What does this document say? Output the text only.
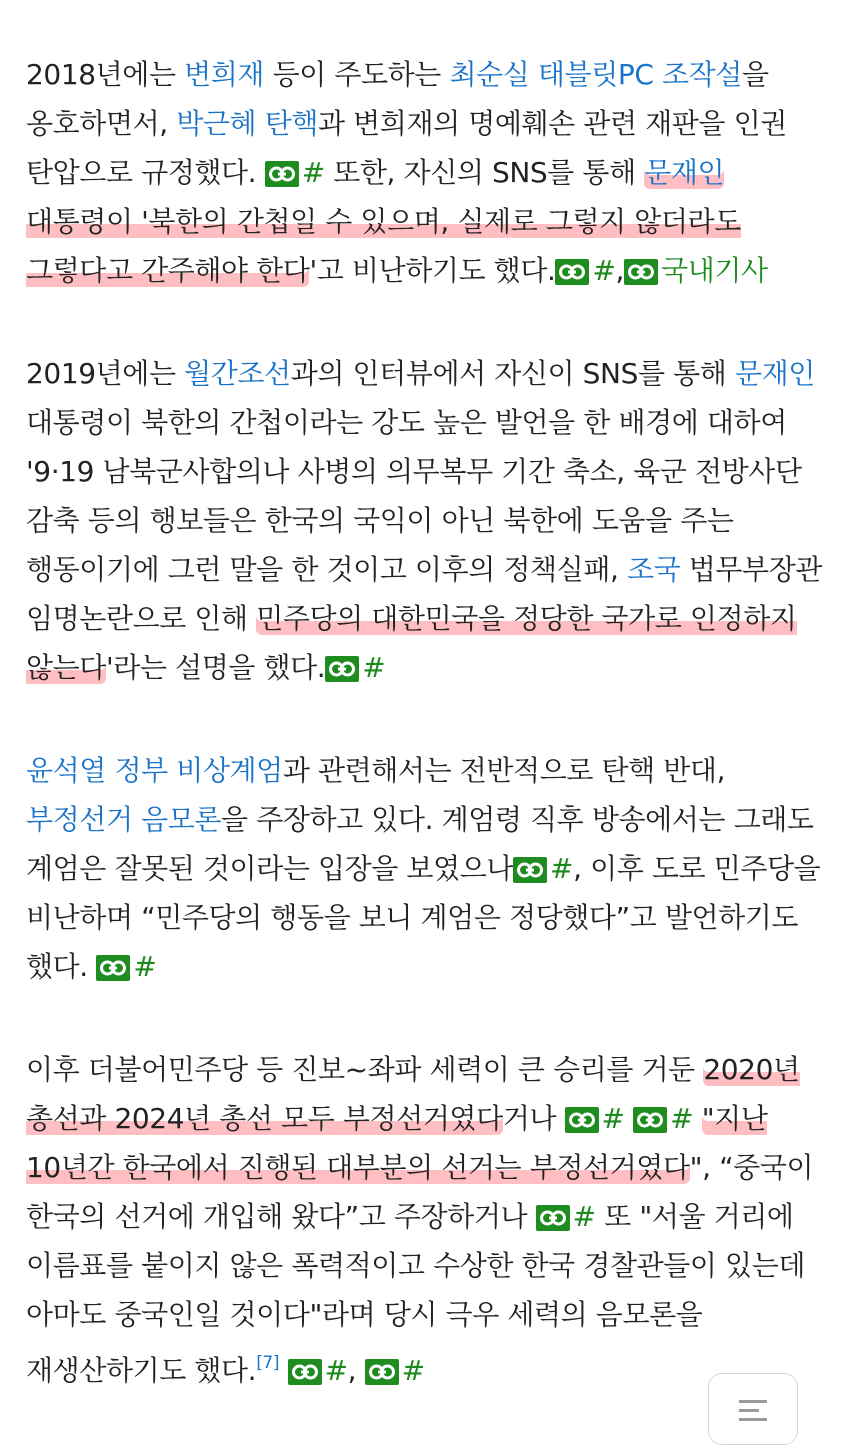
2018년에는 변희재 등이 주도하는 최순실 태블릿PC 조작설을 옹호하면서, 박근혜 탄핵과 변희재의 명예훼손 관련 재판을 인권 탄압으로 규정했다.
# 또한, 자신의 SNS를 통해 문재인 대통령이 '북한의 간첩일 수 있으며, 실제로 그렇지 않더라도 그렇다고 간주해야 한다'고 비난하기도 했다. #, 국내기사

2019년에는 월간조선과의 인터뷰에서 자신이 SNS를 통해 문재인 대통령이 북한의 간첩이라는 강도 높은 발언을 한 배경에 대하여 '9·19 남북군사합의나 사병의 의무복무 기간 축소, 육군 전방사단 감축 등의 행보들은 한국의 국익이 아닌 북한에 도움을 주는 행동이기에 그런 말을 한 것이고 이후의 정책실패, 조국 법무부장관 임명논란으로 인해 민주당의 대한민국을 정당한 국가로 인정하지 않는다'라는 설명을 했다. #

윤석열 정부 비상계엄과 관련해서는 전반적으로 탄핵 반대, 부정선거 음모론을 주장하고 있다. 계엄령 직후 방송에서는 그래도 계엄은 잘못된 것이라는 입장을 보였으나 #, 이후 도로 민주당을 비난하며 “민주당의 행동을 보니 계엄은 정당했다”고 발언하기도 했다.
#

이후 더불어민주당 등 진보~좌파 세력이 큰 승리를 거둔 2020년 총선과 2024년 총선 모두 부정선거였다거나
# # "지난 10년간 한국에서 진행된 대부분의 선거는 부정선거였다", “중국이 한국의 선거에 개입해 왔다”고 주장하거나
# 또 "서울 거리에 이름표를 붙이지 않은 폭력적이고 수상한 한국 경찰관들이 있는데 아마도 중국인일 것이다"라며 당시 극우 세력의 음모론을 재생산하기도 했다.[7] #,
#
